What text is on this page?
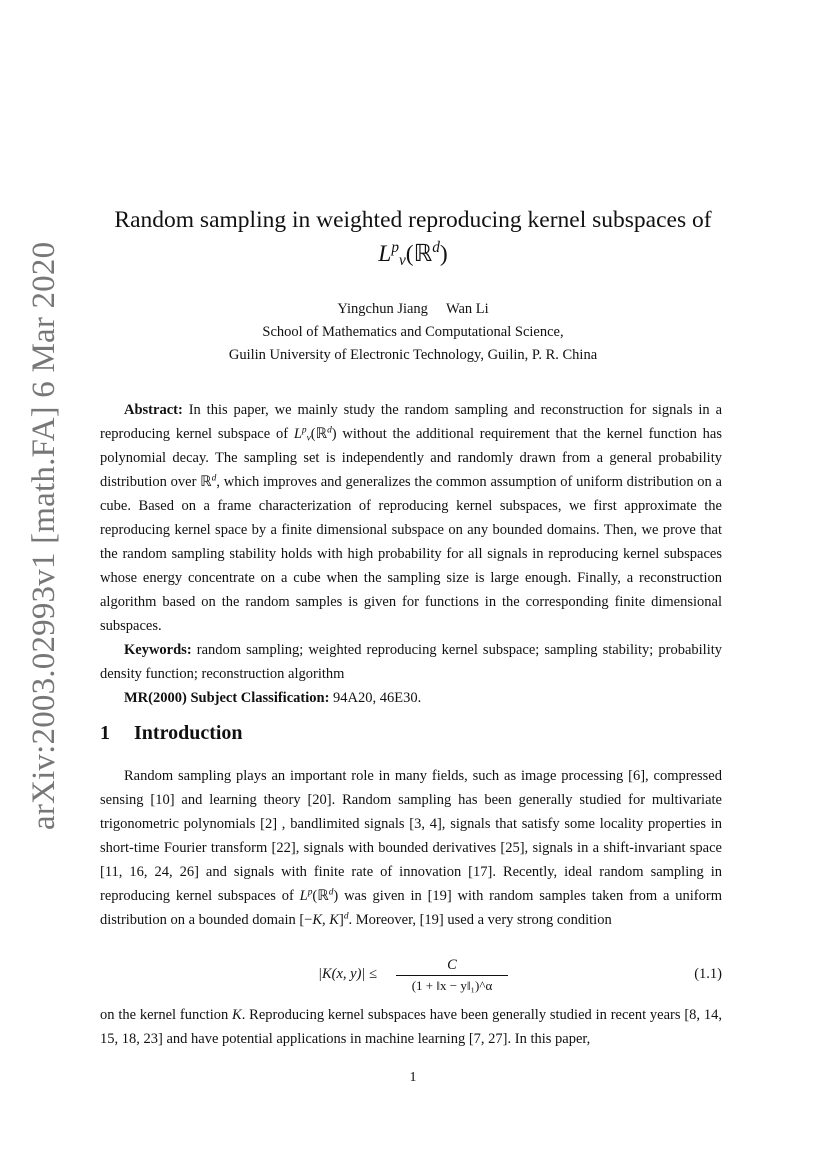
arXiv:2003.02993v1 [math.FA] 6 Mar 2020
Random sampling in weighted reproducing kernel subspaces of
$L^p_\nu(ℝ^d)$
Yingchun Jiang Wan Li
School of Mathematics and Computational Science,
Guilin University of Electronic Technology, Guilin, P. R. China

Abstract: In this paper, we mainly study the random sampling and reconstruction for signals in a reproducing kernel subspace of $L^p_\nu(ℝ^d)$ without the additional requirement that the kernel function has polynomial decay. The sampling set is independently and randomly drawn from a general probability distribution over ℝ$^d$, which improves and generalizes the common assumption of uniform distribution on a cube. Based on a frame characterization of reproducing kernel subspaces, we first approximate the reproducing kernel space by a finite dimensional subspace on any bounded domains. Then, we prove that the random sampling stability holds with high probability for all signals in reproducing kernel subspaces whose energy concentrate on a cube when the sampling size is large enough. Finally, a reconstruction algorithm based on the random samples is given for functions in the corresponding finite dimensional subspaces.

Keywords: random sampling; weighted reproducing kernel subspace; sampling stability; probability density function; reconstruction algorithm

MR(2000) Subject Classification: 94A20, 46E30.

1 Introduction

Random sampling plays an important role in many fields, such as image processing [6], compressed sensing [10] and learning theory [20]. Random sampling has been generally studied for multivariate trigonometric polynomials [2] , bandlimited signals [3, 4], signals that satisfy some locality properties in short-time Fourier transform [22], signals with bounded derivatives [25], signals in a shift-invariant space [11, 16, 24, 26] and signals with finite rate of innovation [17]. Recently, ideal random sampling in reproducing kernel subspaces of $L^p(ℝ^d)$ was given in [19] with random samples taken from a uniform distribution on a bounded domain [−K, K]$^d$. Moreover, [19] used a very strong condition

|K(x, y)| ≤
C
(1 + ‖x − y‖₁)^α
(1.1)
on the kernel function K. Reproducing kernel subspaces have been generally studied in recent years [8, 14, 15, 18, 23] and have potential applications in machine learning [7, 27]. In this paper,
1
